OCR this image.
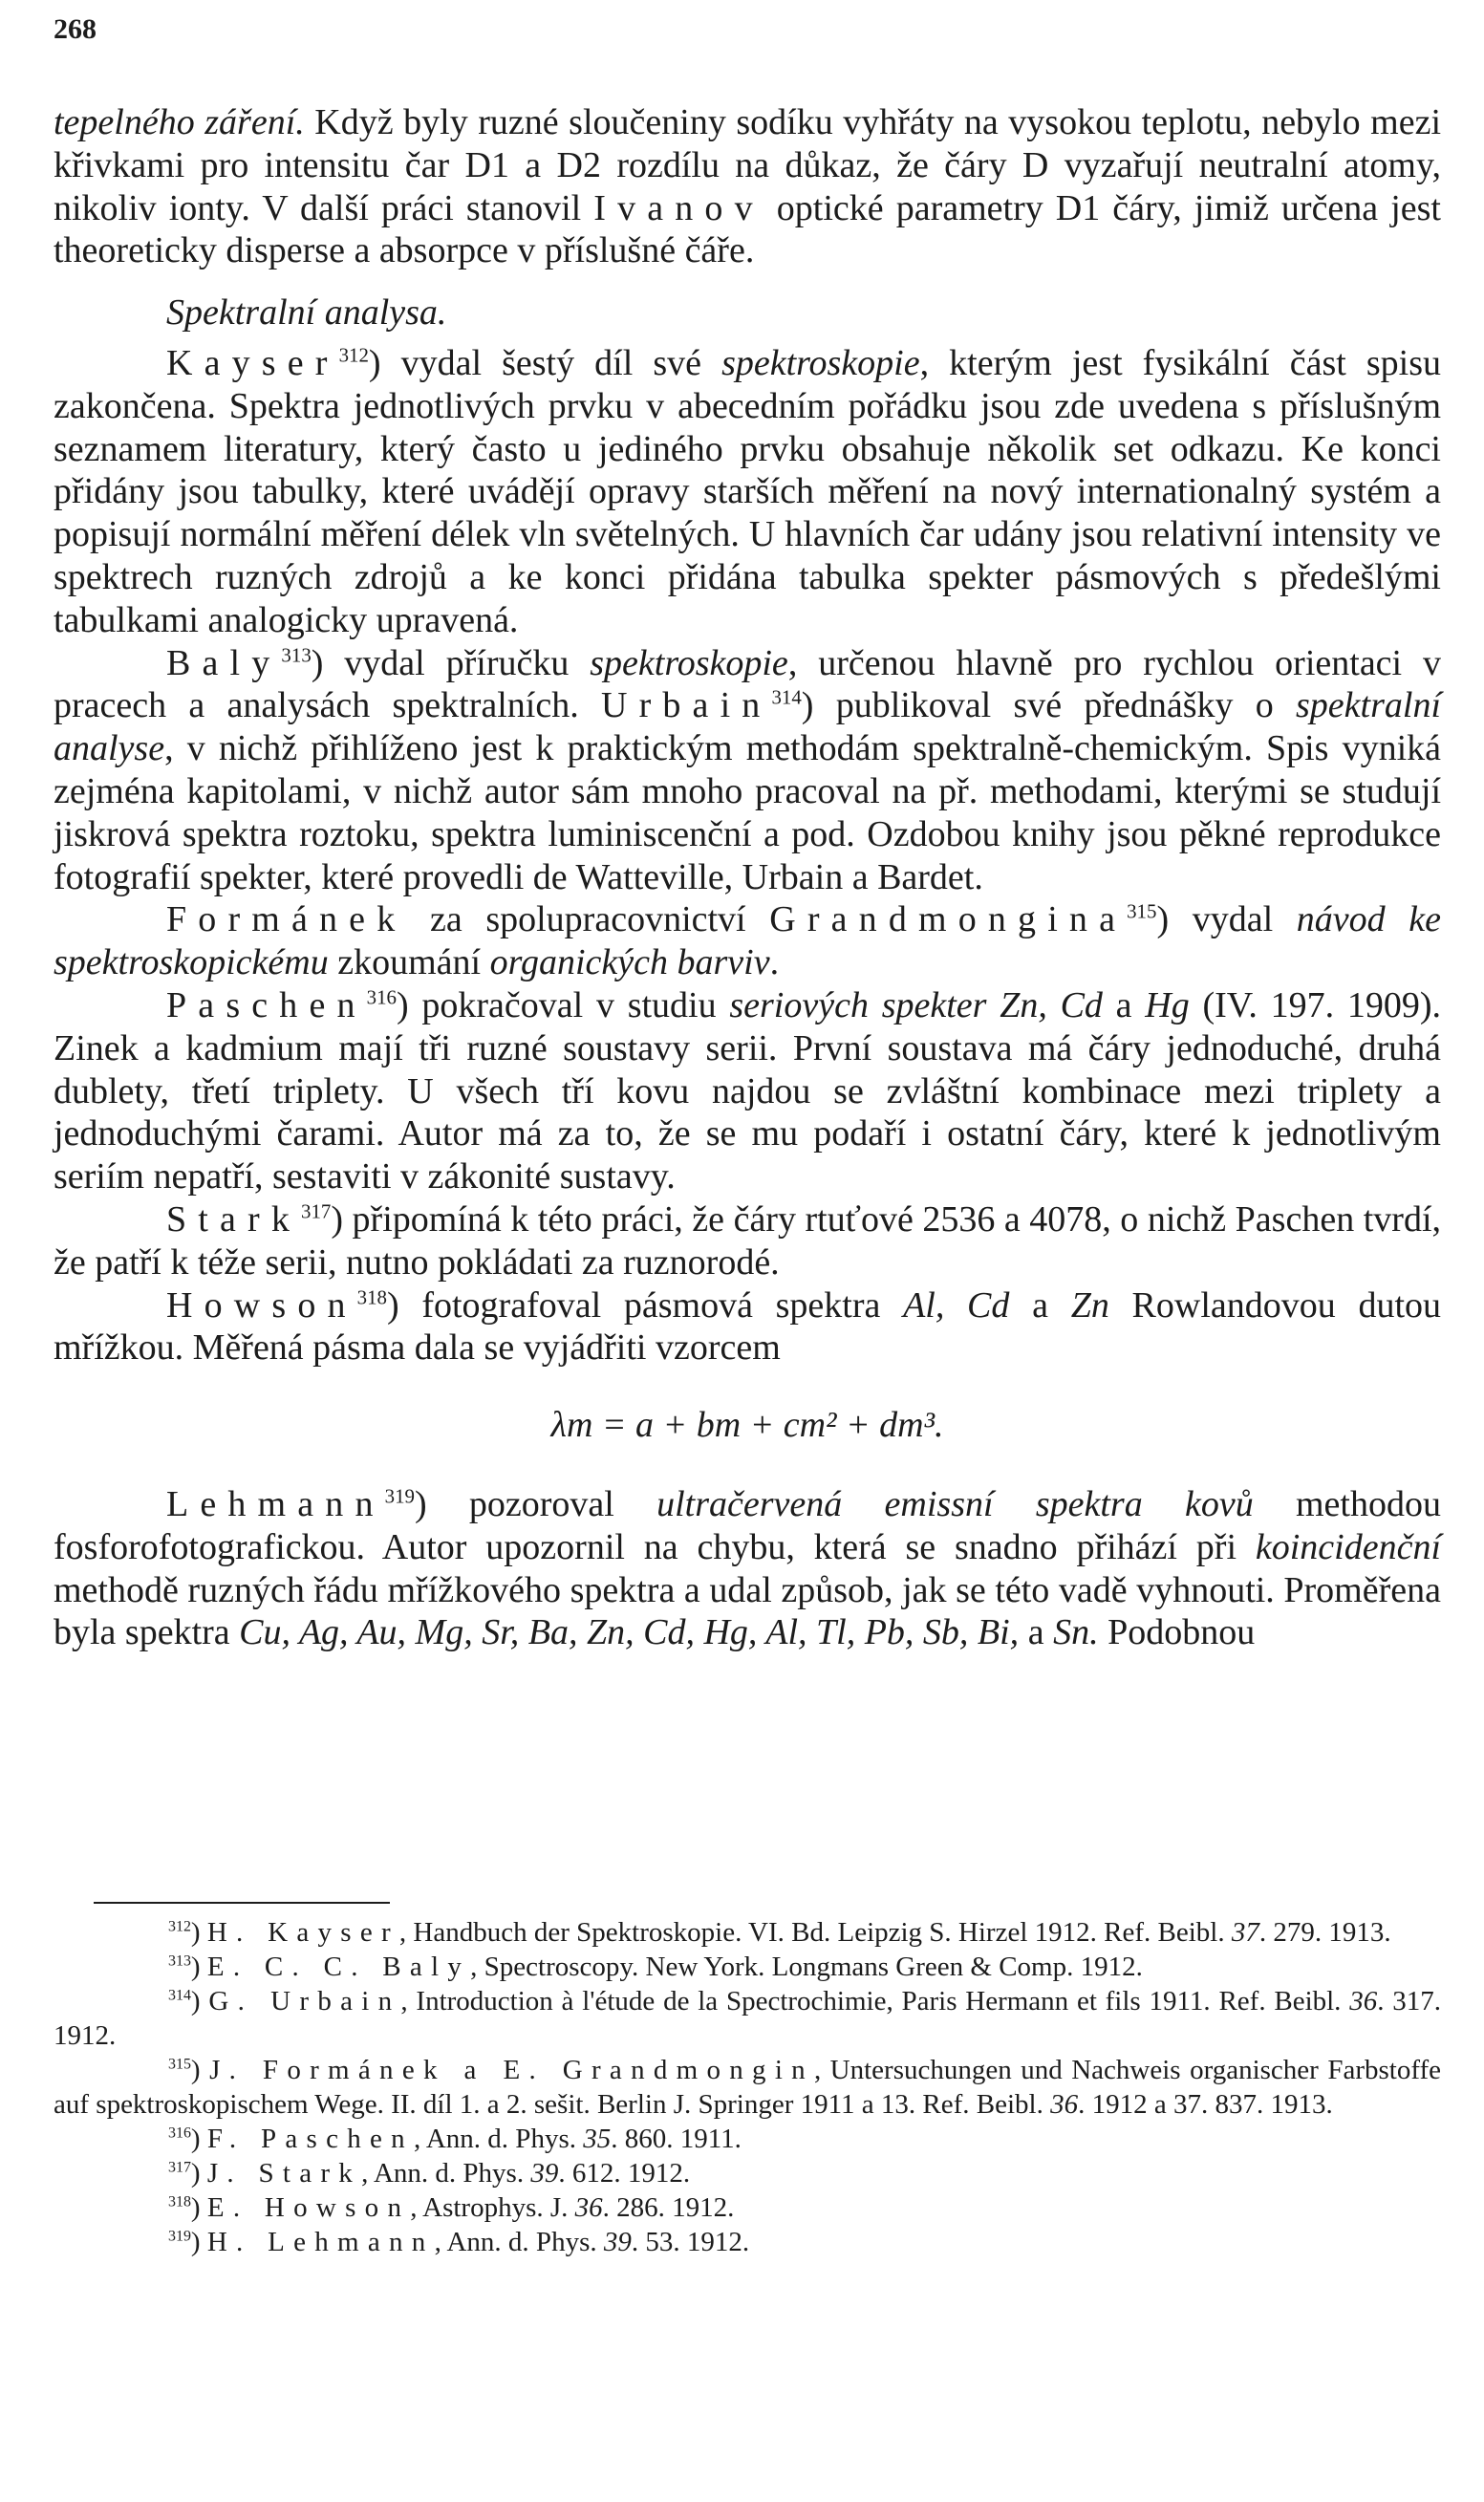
268

tepelného záření. Když byly ruzné sloučeniny sodíku vyhřáty na vysokou teplotu, nebylo mezi křivkami pro intensitu čar D1 a D2 rozdílu na důkaz, že čáry D vyzařují neutralní atomy, nikoliv ionty. V další práci stanovil Ivanov optické parametry D1 čáry, jimiž určena jest theoreticky disperse a absorpce v příslušné čáře.

Spektralní analysa.

Kayser$^{312}$) vydal šestý díl své spektroskopie, kterým jest fysikální část spisu zakončena. Spektra jednotlivých prvku v abecedním pořádku jsou zde uvedena s příslušným seznamem literatury, který často u jediného prvku obsahuje několik set odkazu. Ke konci přidány jsou tabulky, které uvádějí opravy starších měření na nový internationalný systém a popisují normální měření délek vln světelných. U hlavních čar udány jsou relativní intensity ve spektrech ruzných zdrojů a ke konci přidána tabulka spekter pásmových s předešlými tabulkami analogicky upravená.

Baly$^{313}$) vydal příručku spektroskopie, určenou hlavně pro rychlou orientaci v pracech a analysách spektralních. Urbain$^{314}$) publikoval své přednášky o spektralní analyse, v nichž přihlíženo jest k praktickým methodám spektralně-chemickým. Spis vyniká zejména kapitolami, v nichž autor sám mnoho pracoval na př. methodami, kterými se studují jiskrová spektra roztoku, spektra luminiscenční a pod. Ozdobou knihy jsou pěkné reprodukce fotografií spekter, které provedli de Watteville, Urbain a Bardet.

Formánek za spolupracovnictví Grandmongina$^{315}$) vydal návod ke spektroskopickému zkoumání organických barviv.

Paschen$^{316}$) pokračoval v studiu seriových spekter Zn, Cd a Hg (IV. 197. 1909). Zinek a kadmium mají tři ruzné soustavy serii. První soustava má čáry jednoduché, druhá dublety, třetí triplety. U všech tří kovu najdou se zvláštní kombinace mezi triplety a jednoduchými čarami. Autor má za to, že se mu podaří i ostatní čáry, které k jednotlivým seriím nepatří, sestaviti v zákonité sustavy.

Stark$^{317}$) připomíná k této práci, že čáry rtuťové 2536 a 4078, o nichž Paschen tvrdí, že patří k téže serii, nutno pokládati za ruznorodé.

Howson$^{318}$) fotografoval pásmová spektra Al, Cd a Zn Rowlandovou dutou mřížkou. Měřená pásma dala se vyjádřiti vzorcem

λm = a + bm + cm² + dm³.

Lehmann$^{319}$) pozoroval ultračervená emissní spektra kovů methodou fosforofotografickou. Autor upozornil na chybu, která se snadno přihází při koincidenční methodě ruzných řádu mřížkového spektra a udal způsob, jak se této vadě vyhnouti. Proměřena byla spektra Cu, Ag, Au, Mg, Sr, Ba, Zn, Cd, Hg, Al, Tl, Pb, Sb, Bi, a Sn. Podobnou

$^{312}$) H. Kayser, Handbuch der Spektroskopie. VI. Bd. Leipzig S. Hirzel 1912. Ref. Beibl. 37. 279. 1913.

$^{313}$) E. C. C. Baly, Spectroscopy. New York. Longmans Green & Comp. 1912.

$^{314}$) G. Urbain, Introduction à l'étude de la Spectrochimie, Paris Hermann et fils 1911. Ref. Beibl. 36. 317. 1912.

$^{315}$) J. Formánek a E. Grandmongin, Untersuchungen und Nachweis organischer Farbstoffe auf spektroskopischem Wege. II. díl 1. a 2. sešit. Berlin J. Springer 1911 a 13. Ref. Beibl. 36. 1912 a 37. 837. 1913.

$^{316}$) F. Paschen, Ann. d. Phys. 35. 860. 1911.

$^{317}$) J. Stark, Ann. d. Phys. 39. 612. 1912.

$^{318}$) E. Howson, Astrophys. J. 36. 286. 1912.

$^{319}$) H. Lehmann, Ann. d. Phys. 39. 53. 1912.
